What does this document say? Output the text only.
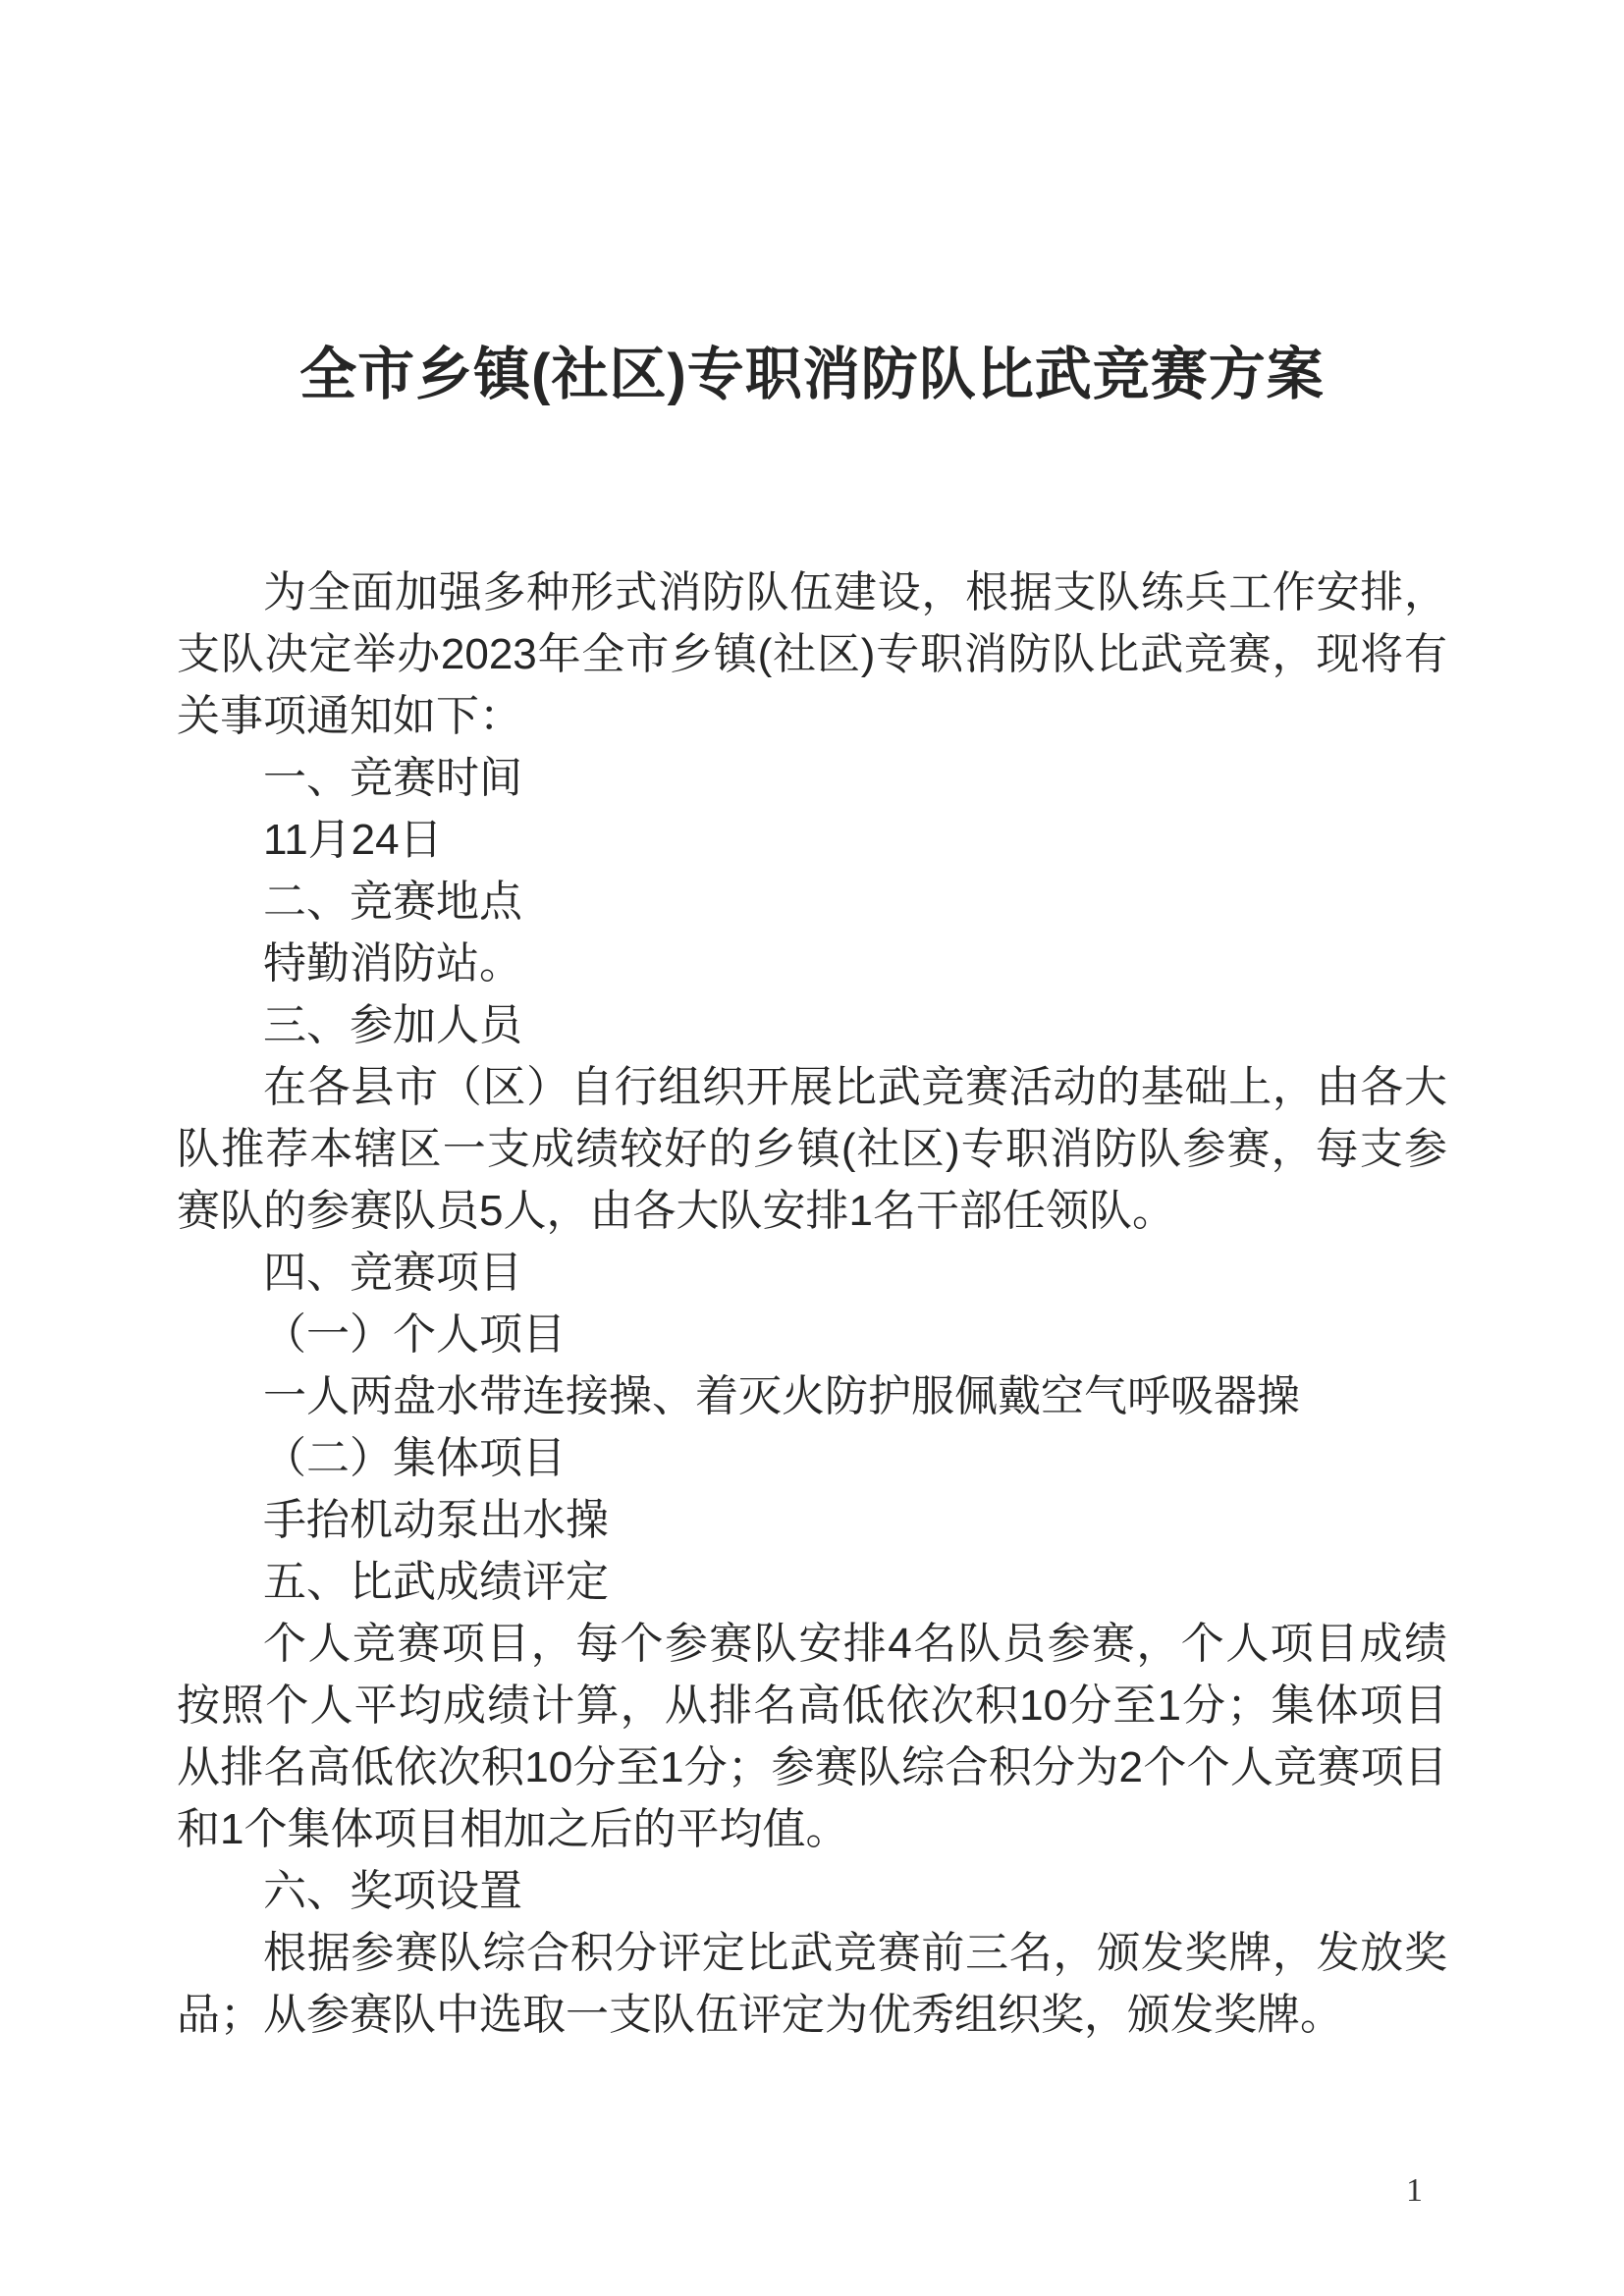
全市乡镇(社区)专职消防队比武竞赛方案

为全面加强多种形式消防队伍建设，根据支队练兵工作安排，支队决定举办2023年全市乡镇(社区)专职消防队比武竞赛，现将有关事项通知如下：

一、竞赛时间

11月24日

二、竞赛地点

特勤消防站。

三、参加人员

在各县市（区）自行组织开展比武竞赛活动的基础上，由各大队推荐本辖区一支成绩较好的乡镇(社区)专职消防队参赛，每支参赛队的参赛队员5人，由各大队安排1名干部任领队。

四、竞赛项目

（一）个人项目

一人两盘水带连接操、着灭火防护服佩戴空气呼吸器操

（二）集体项目

手抬机动泵出水操

五、比武成绩评定

个人竞赛项目，每个参赛队安排4名队员参赛，个人项目成绩按照个人平均成绩计算，从排名高低依次积10分至1分；集体项目从排名高低依次积10分至1分；参赛队综合积分为2个个人竞赛项目和1个集体项目相加之后的平均值。

六、奖项设置

根据参赛队综合积分评定比武竞赛前三名，颁发奖牌，发放奖品；从参赛队中选取一支队伍评定为优秀组织奖，颁发奖牌。

1
